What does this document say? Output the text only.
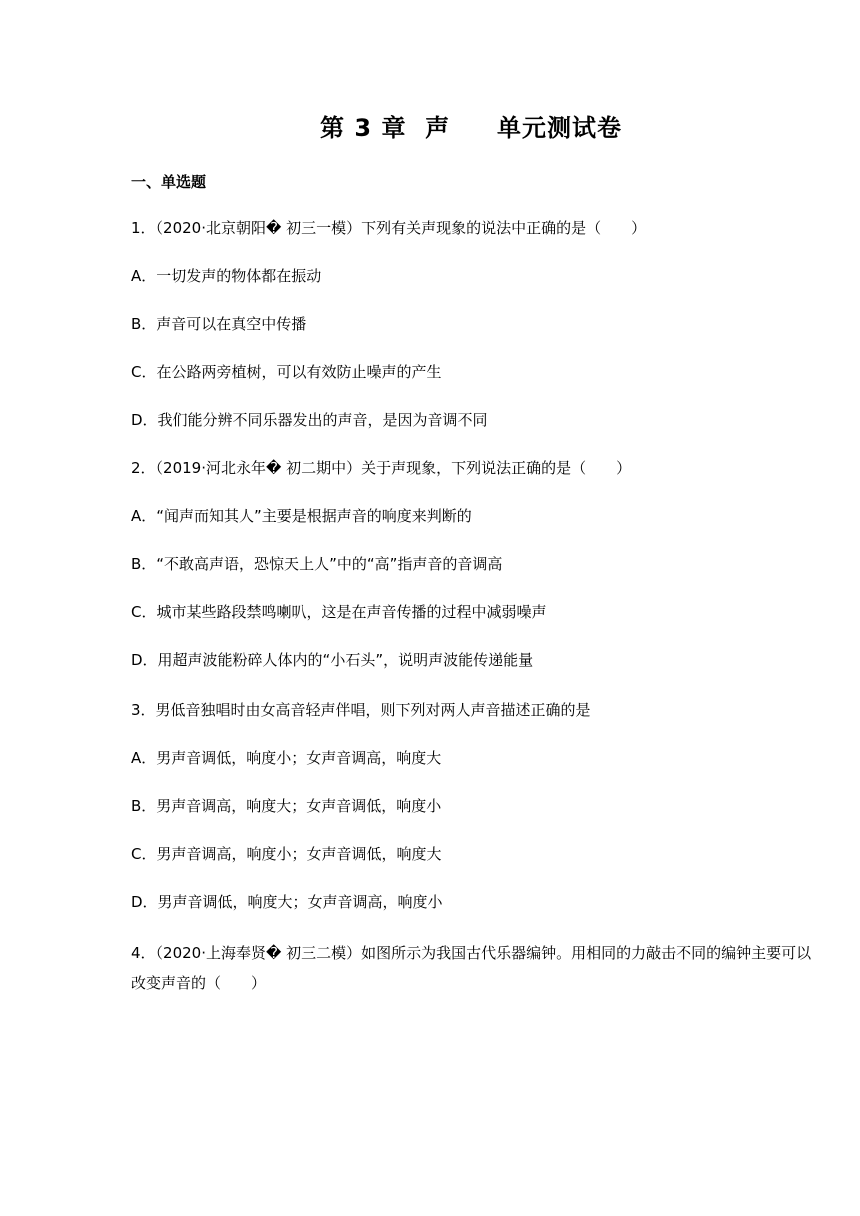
第 3 章  声     单元测试卷
一、单选题
1．（2020·北京朝阳� 初三一模）下列有关声现象的说法中正确的是（　　）
A．一切发声的物体都在振动
B．声音可以在真空中传播
C．在公路两旁植树，可以有效防止噪声的产生
D．我们能分辨不同乐器发出的声音，是因为音调不同
2．（2019·河北永年� 初二期中）关于声现象，下列说法正确的是（　　）
A．“闻声而知其人”主要是根据声音的响度来判断的
B．“不敢高声语，恐惊天上人”中的“高”指声音的音调高
C．城市某些路段禁鸣喇叭，这是在声音传播的过程中减弱噪声
D．用超声波能粉碎人体内的“小石头”，说明声波能传递能量
3．男低音独唱时由女高音轻声伴唱，则下列对两人声音描述正确的是
A．男声音调低，响度小；女声音调高，响度大
B．男声音调高，响度大；女声音调低，响度小
C．男声音调高，响度小；女声音调低，响度大
D．男声音调低，响度大；女声音调高，响度小
4．（2020·上海奉贤� 初三二模）如图所示为我国古代乐器编钟。用相同的力敲击不同的编钟主要可以改变声音的（　　）
